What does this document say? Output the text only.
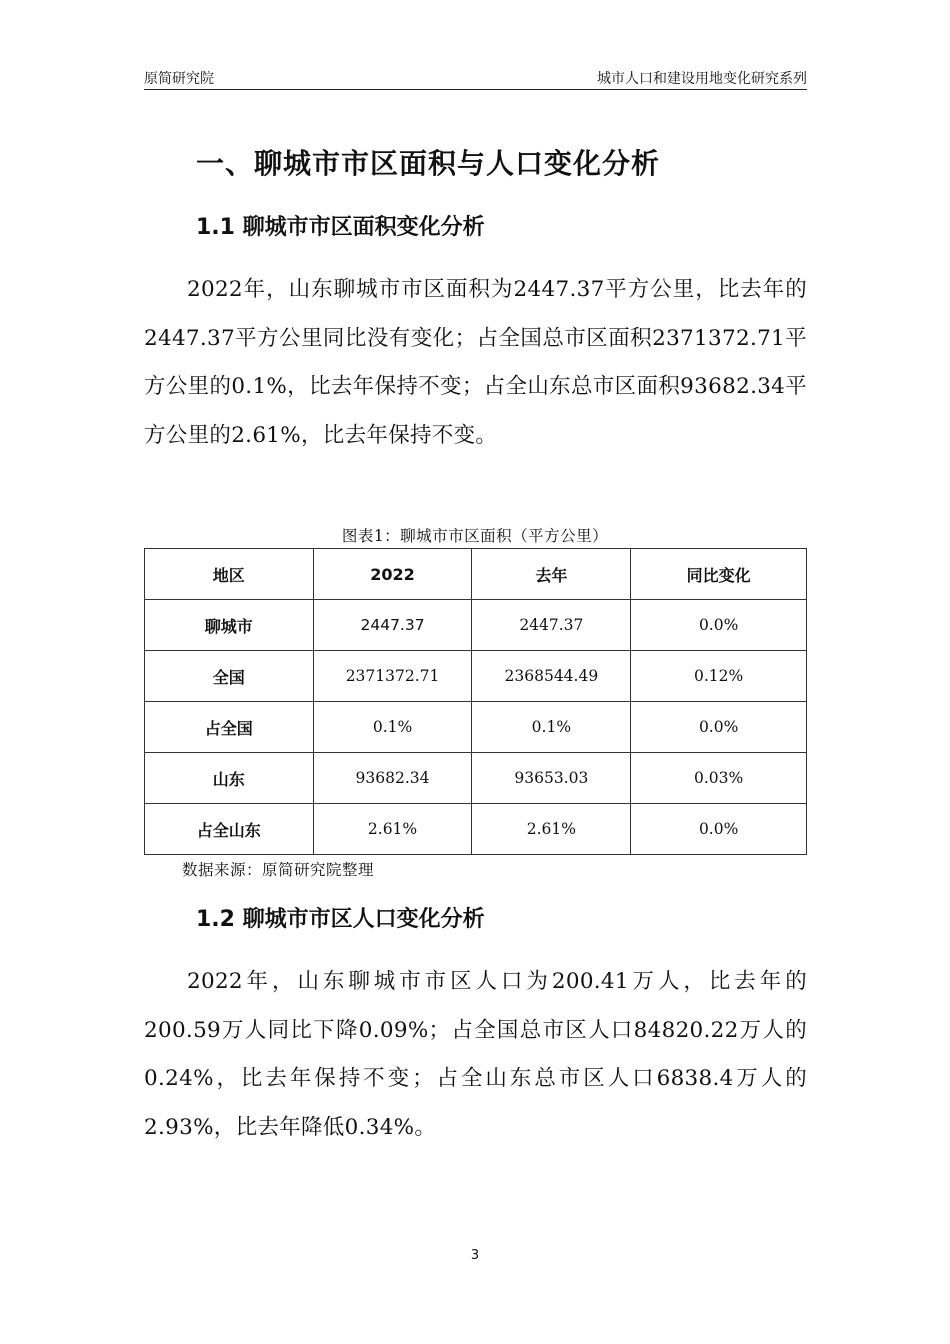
原简研究院	城市人口和建设用地变化研究系列
一、聊城市市区面积与人口变化分析
1.1 聊城市市区面积变化分析

2022年，山东聊城市市区面积为2447.37平方公里，比去年的2447.37平方公里同比没有变化；占全国总市区面积2371372.71平方公里的0.1%，比去年保持不变；占全山东总市区面积93682.34平方公里的2.61%，比去年保持不变。

图表1：聊城市市区面积（平方公里）
地区	2022	去年	同比变化
聊城市	2447.37	2447.37	0.0%
全国	2371372.71	2368544.49	0.12%
占全国	0.1%	0.1%	0.0%
山东	93682.34	93653.03	0.03%
占全山东	2.61%	2.61%	0.0%
数据来源：原简研究院整理
1.2 聊城市市区人口变化分析

2022年，山东聊城市市区人口为200.41万人，比去年的200.59万人同比下降0.09%；占全国总市区人口84820.22万人的0.24%，比去年保持不变；占全山东总市区人口6838.4万人的2.93%，比去年降低0.34%。

3
